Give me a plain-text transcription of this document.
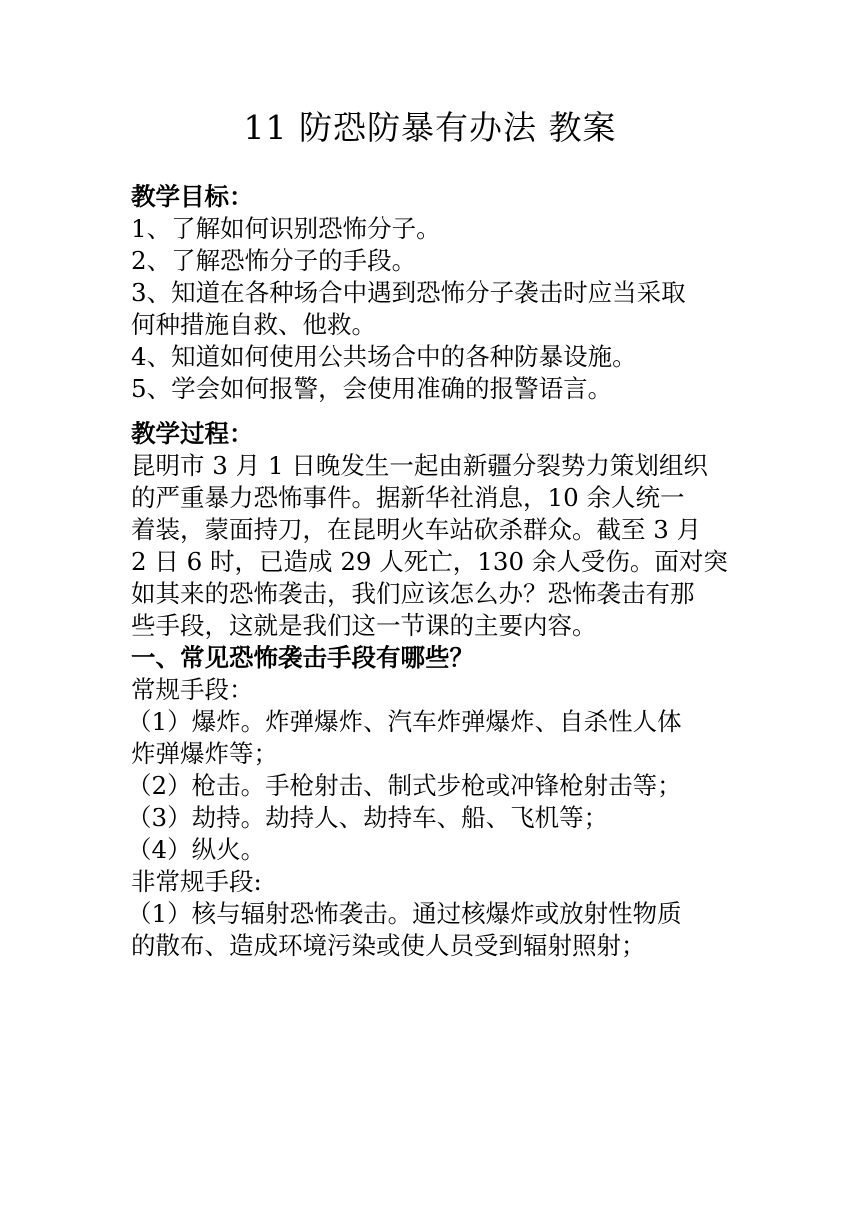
11 防恐防暴有办法 教案
教学目标：
1、了解如何识别恐怖分子。
2、了解恐怖分子的手段。
3、知道在各种场合中遇到恐怖分子袭击时应当采取
何种措施自救、他救。
4、知道如何使用公共场合中的各种防暴设施。
5、学会如何报警，会使用准确的报警语言。
教学过程：
昆明市 3 月 1 日晚发生一起由新疆分裂势力策划组织
的严重暴力恐怖事件。据新华社消息，10 余人统一
着装，蒙面持刀，在昆明火车站砍杀群众。截至 3 月
2 日 6 时，已造成 29 人死亡，130 余人受伤。面对突
如其来的恐怖袭击，我们应该怎么办？恐怖袭击有那
些手段，这就是我们这一节课的主要内容。
一、常见恐怖袭击手段有哪些？
常规手段：
（1）爆炸。炸弹爆炸、汽车炸弹爆炸、自杀性人体
炸弹爆炸等；
（2）枪击。手枪射击、制式步枪或冲锋枪射击等；
（3）劫持。劫持人、劫持车、船、飞机等；
（4）纵火。
非常规手段:
（1）核与辐射恐怖袭击。通过核爆炸或放射性物质
的散布、造成环境污染或使人员受到辐射照射；
